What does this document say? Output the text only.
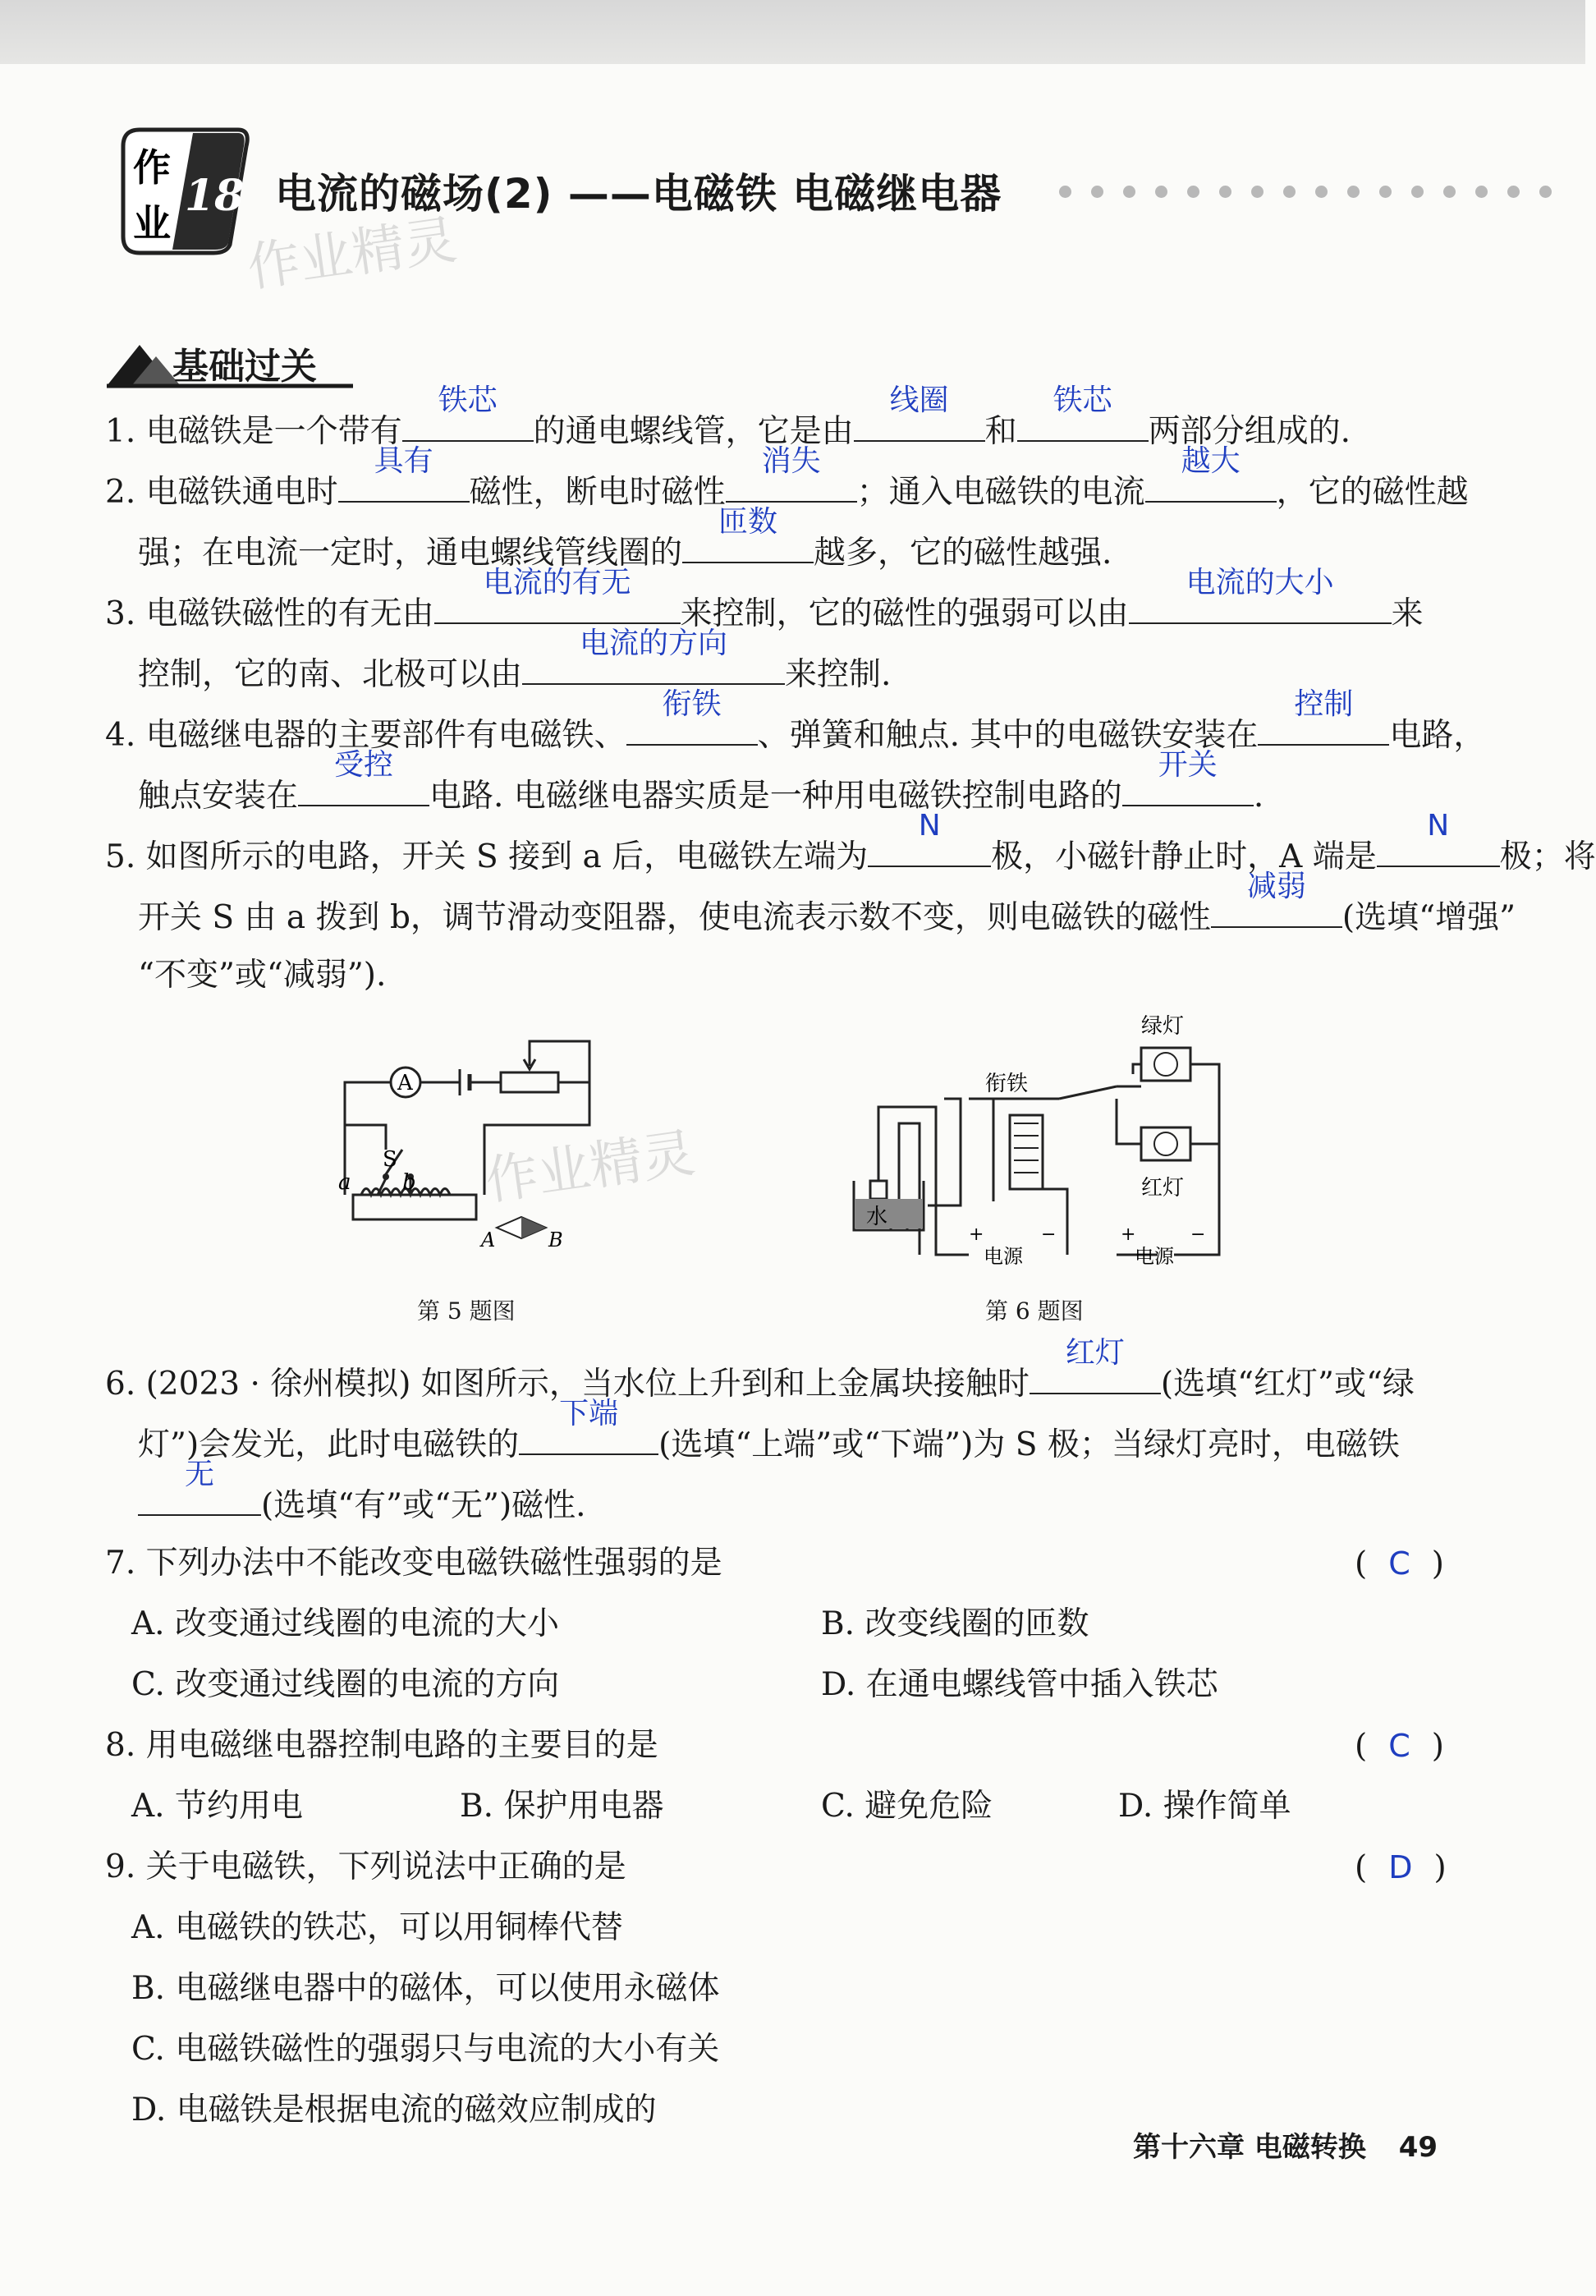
作
业
18 电流的磁场(2) ——电磁铁 电磁继电器
作业精灵
作业精灵
基础过关
1. 电磁铁是一个带有
铁芯
的通电螺线管，它是由
线圈
和
铁芯
两部分组成的.
2. 电磁铁通电时
具有
磁性，断电时磁性
消失
；通入电磁铁的电流
越大
，它的磁性越
强；在电流一定时，通电螺线管线圈的
匝数
越多，它的磁性越强.
3. 电磁铁磁性的有无由
电流的有无
来控制，它的磁性的强弱可以由
电流的大小
来
控制，它的南、北极可以由
电流的方向
来控制.
4. 电磁继电器的主要部件有电磁铁、
衔铁
、弹簧和触点. 其中的电磁铁安装在
控制
电路，
触点安装在
受控
电路. 电磁继电器实质是一种用电磁铁控制电路的
开关
.
5. 如图所示的电路，开关 S 接到 a 后，电磁铁左端为
N
极，小磁针静止时，A 端是
N
极；将
开关 S 由 a 拨到 b，调节滑动变阻器，使电流表示数不变，则电磁铁的磁性
减弱
(选填“增强”
“不变”或“减弱”).
A
S
a b
A	B
第 5 题图
水
绿灯
红灯
衔铁
+	−
电源
+	−
电源
第 6 题图
6. (2023 · 徐州模拟) 如图所示，当水位上升到和上金属块接触时
红灯
(选填“红灯”或“绿
灯”)会发光，此时电磁铁的
下端
(选填“上端”或“下端”)为 S 极；当绿灯亮时，电磁铁
无
(选填“有”或“无”)磁性.
7. 下列办法中不能改变电磁铁磁性强弱的是	( C )
A. 改变通过线圈的电流的大小	B. 改变线圈的匝数
C. 改变通过线圈的电流的方向	D. 在通电螺线管中插入铁芯
8. 用电磁继电器控制电路的主要目的是	( C )
A. 节约用电	B. 保护用电器	C. 避免危险	D. 操作简单
9. 关于电磁铁，下列说法中正确的是	( D )
A. 电磁铁的铁芯，可以用铜棒代替
B. 电磁继电器中的磁体，可以使用永磁体
C. 电磁铁磁性的强弱只与电流的大小有关
D. 电磁铁是根据电流的磁效应制成的
第十六章 电磁转换 49
